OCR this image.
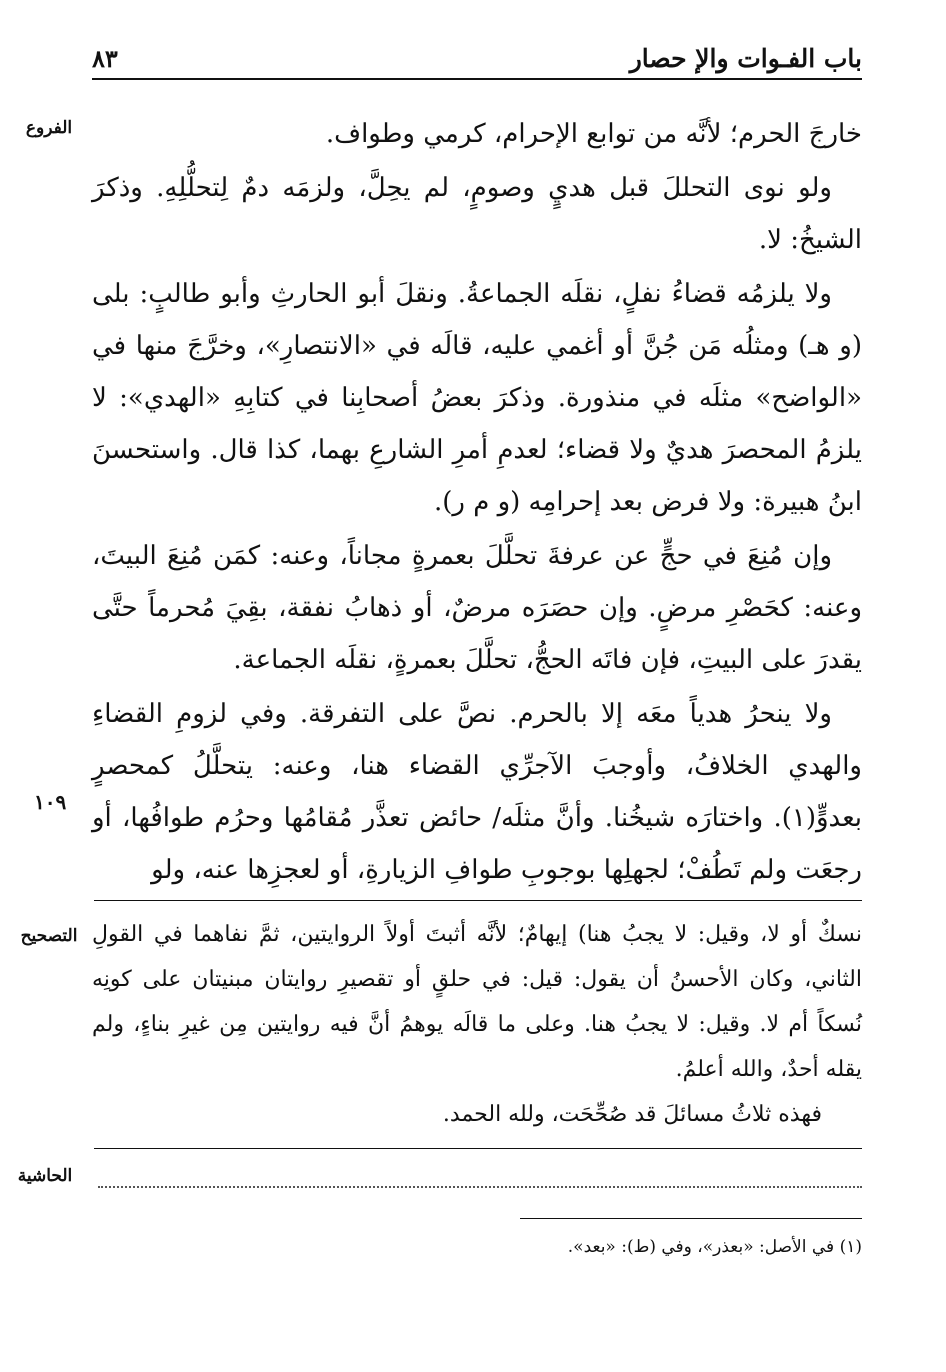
٨٣	باب الفـوات والإ حصار
الفروع
التصحيح
الحاشية
١٠٩

خارجَ الحرم؛ لأنَّه من توابع الإحرام، كرمي وطواف.

ولو نوى التحللَ قبل هديٍ وصومٍ، لم يحِلَّ، ولزمَه دمٌ لِتحلُّلِهِ. وذكرَ الشيخُ: لا.

ولا يلزمُه قضاءُ نفلٍ، نقلَه الجماعةُ. ونقلَ أبو الحارثِ وأبو طالبٍ: بلى (و هـ) ومثلُه مَن جُنَّ أو أغمي عليه، قالَه في «الانتصارِ»، وخرَّجَ منها في «الواضح» مثلَه في منذورة. وذكرَ بعضُ أصحابِنا في كتابِهِ «الهدي»: لا يلزمُ المحصرَ هديٌ ولا قضاء؛ لعدمِ أمرِ الشارعِ بهما، كذا قال. واستحسنَ ابنُ هبيرة: ولا فرض بعد إحرامِه (و م ر).

وإن مُنِعَ في حجٍّ عن عرفةَ تحلَّلَ بعمرةٍ مجاناً، وعنه: كمَن مُنِعَ البيتَ، وعنه: كحَصْرِ مرضٍ. وإن حصَرَه مرضٌ، أو ذهابُ نفقة، بقِيَ مُحرماً حتَّى يقدرَ على البيتِ، فإن فاتَه الحجُّ، تحلَّلَ بعمرةٍ، نقلَه الجماعة.

ولا ينحرُ هدياً معَه إلا بالحرم. نصَّ على التفرقة. وفي لزومِ القضاءِ والهدي الخلافُ، وأوجبَ الآجرِّي القضاء هنا، وعنه: يتحلَّلُ كمحصرٍ بعدوٍّ(١). واختارَه شيخُنا. وأنَّ مثلَه/ حائض تعذَّر مُقامُها وحرُم طوافُها، أو رجعَت ولم تَطُفْ؛ لجهلِها بوجوبِ طوافِ الزيارةِ، أو لعجزِها عنه، ولو

نسكٌ أو لا، وقيل: لا يجبُ هنا) إيهامٌ؛ لأنَّه أثبتَ أولاً الروايتين، ثمَّ نفاهما في القولِ الثاني، وكان الأحسنُ أن يقول: قيل: في حلقٍ أو تقصيرِ روايتان مبنيتان على كونِه نُسكاً أم لا. وقيل: لا يجبُ هنا. وعلى ما قالَه يوهمُ أنَّ فيه روايتين مِن غيرِ بناءٍ، ولم يقله أحدٌ، والله أعلمُ.

فهذه ثلاثُ مسائلَ قد صُحِّحَت، ولله الحمد.

(١) في الأصل: «بعذر»، وفي (ط): «بعد».
